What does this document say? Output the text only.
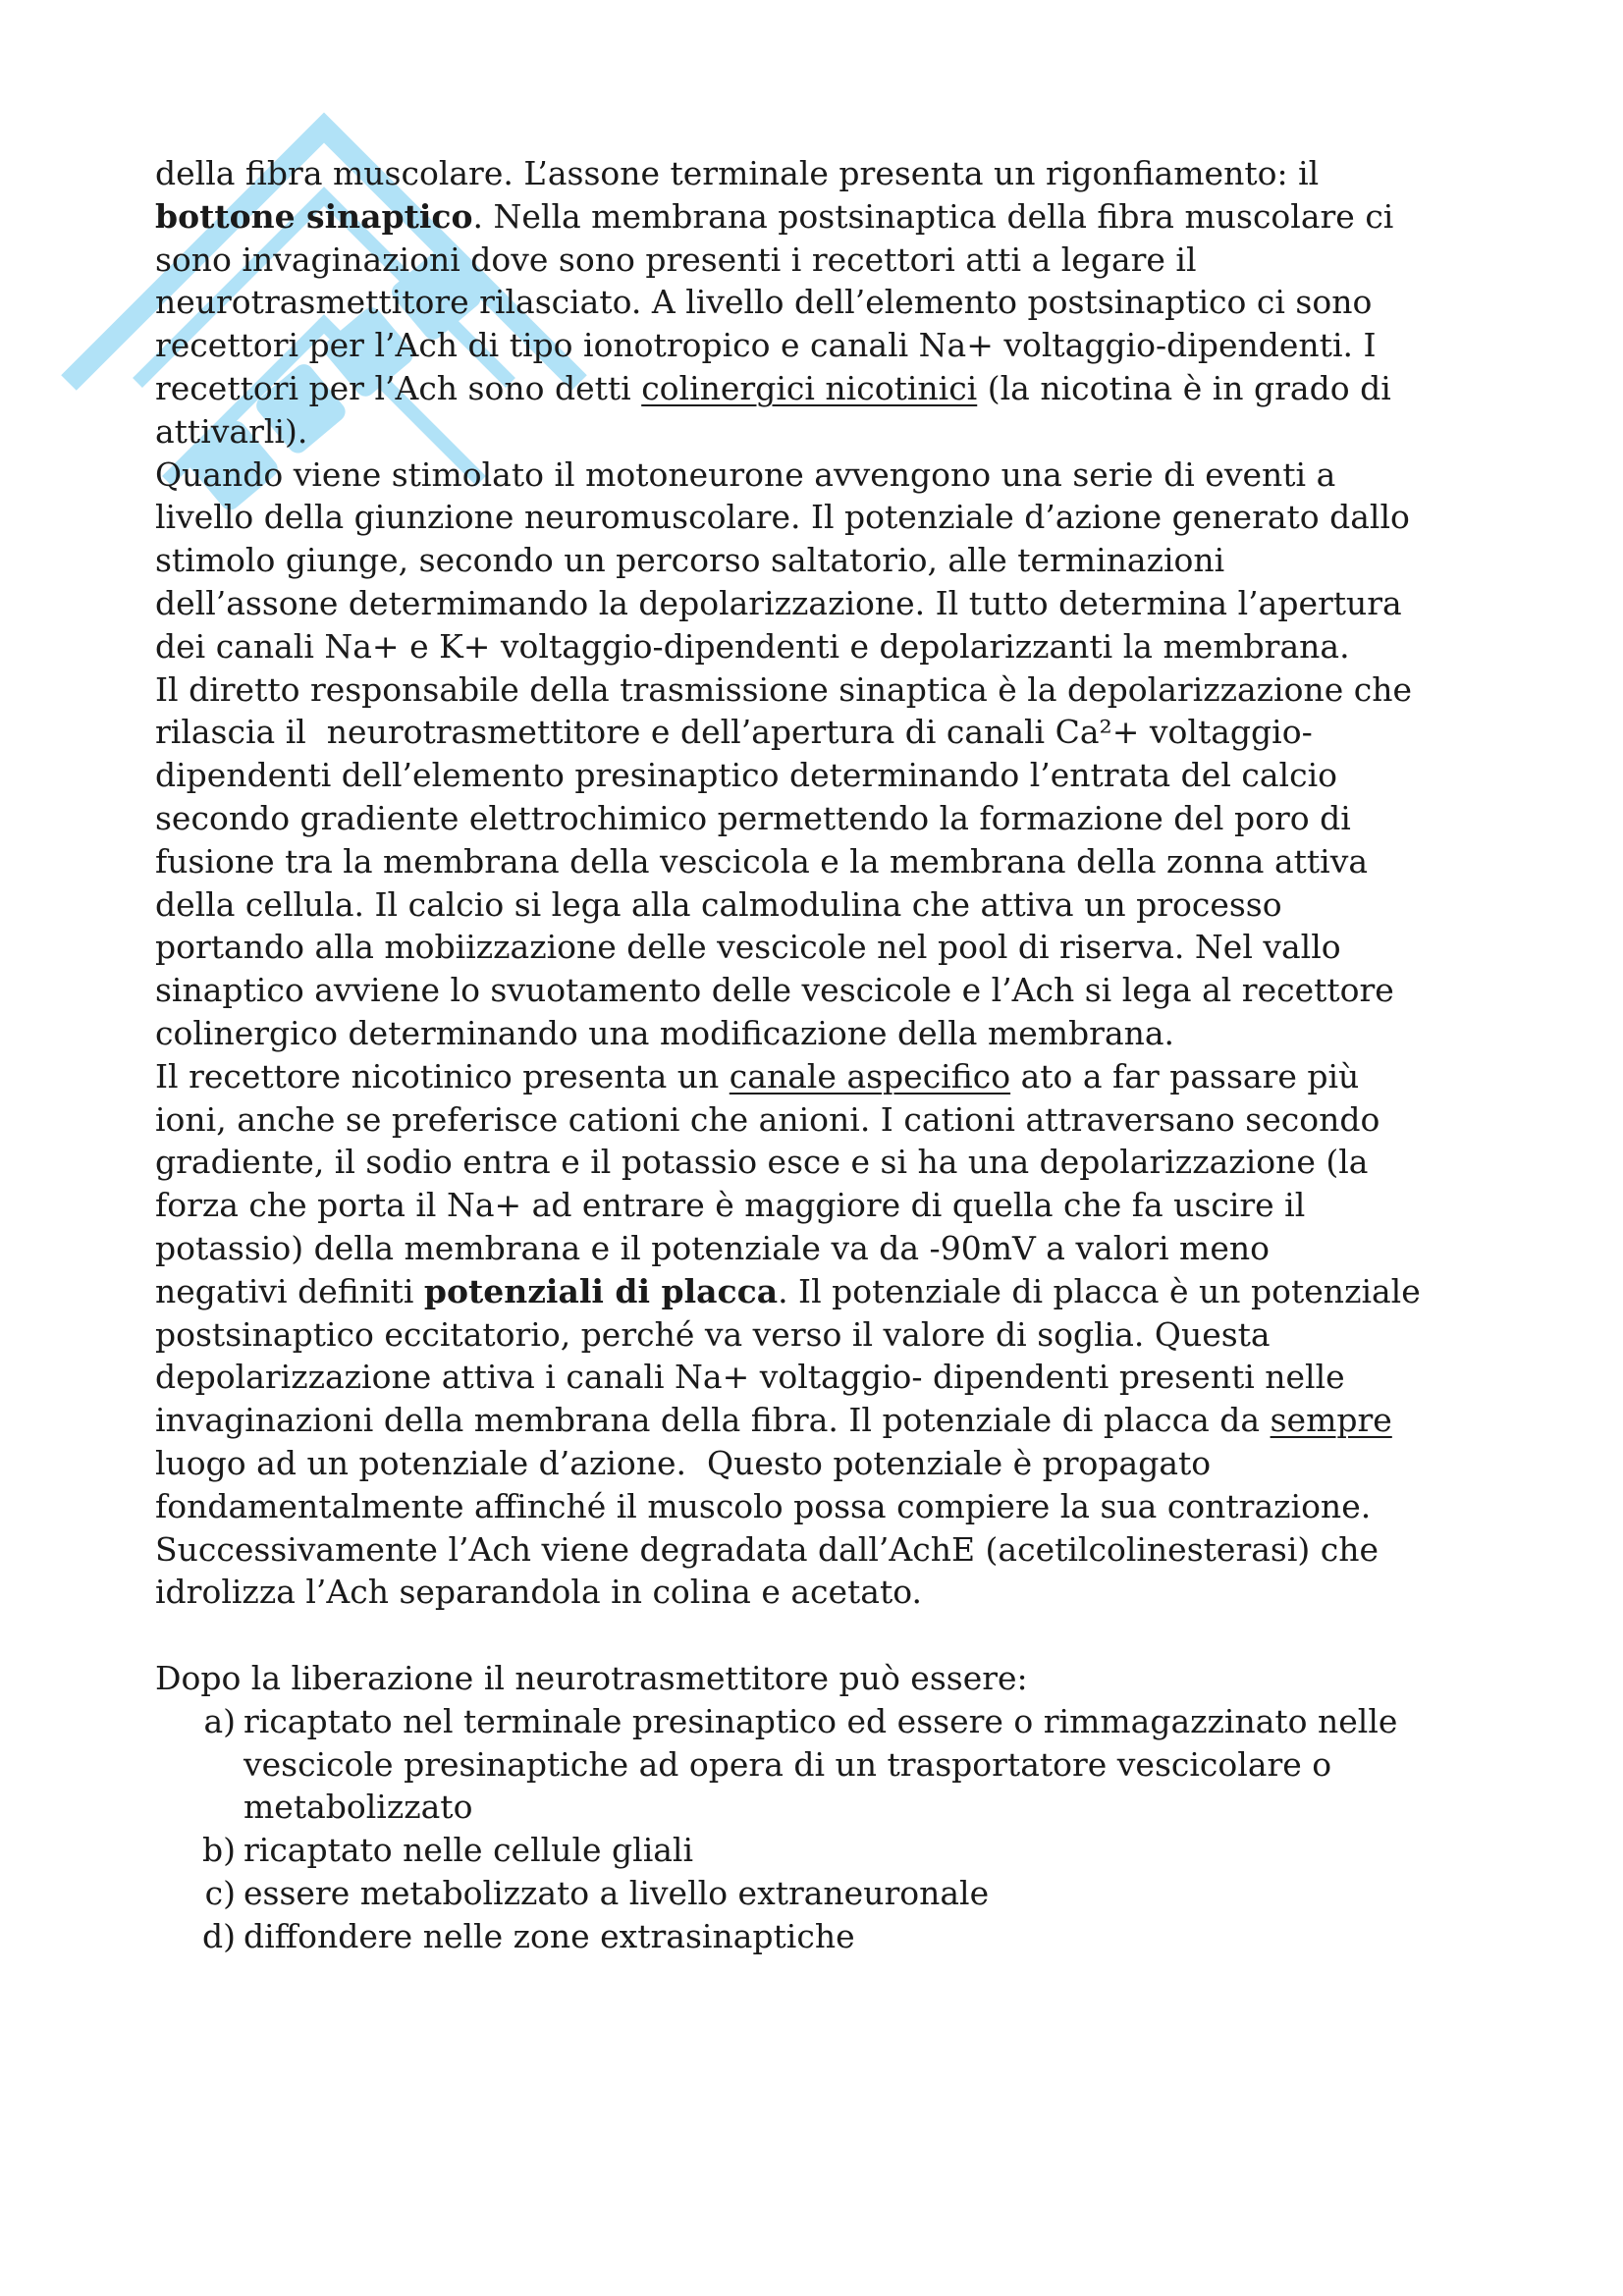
della fibra muscolare. L’assone terminale presenta un rigonfiamento: il
bottone sinaptico. Nella membrana postsinaptica della fibra muscolare ci
sono invaginazioni dove sono presenti i recettori atti a legare il
neurotrasmettitore rilasciato. A livello dell’elemento postsinaptico ci sono
recettori per l’Ach di tipo ionotropico e canali Na+ voltaggio-dipendenti. I
recettori per l’Ach sono detti colinergici nicotinici (la nicotina è in grado di
attivarli).
Quando viene stimolato il motoneurone avvengono una serie di eventi a
livello della giunzione neuromuscolare. Il potenziale d’azione generato dallo
stimolo giunge, secondo un percorso saltatorio, alle terminazioni
dell’assone determimando la depolarizzazione. Il tutto determina l’apertura
dei canali Na+ e K+ voltaggio-dipendenti e depolarizzanti la membrana.
Il diretto responsabile della trasmissione sinaptica è la depolarizzazione che
rilascia il  neurotrasmettitore e dell’apertura di canali Ca²+ voltaggio-
dipendenti dell’elemento presinaptico determinando l’entrata del calcio
secondo gradiente elettrochimico permettendo la formazione del poro di
fusione tra la membrana della vescicola e la membrana della zonna attiva
della cellula. Il calcio si lega alla calmodulina che attiva un processo
portando alla mobiizzazione delle vescicole nel pool di riserva. Nel vallo
sinaptico avviene lo svuotamento delle vescicole e l’Ach si lega al recettore
colinergico determinando una modificazione della membrana.
Il recettore nicotinico presenta un canale aspecifico ato a far passare più
ioni, anche se preferisce cationi che anioni. I cationi attraversano secondo
gradiente, il sodio entra e il potassio esce e si ha una depolarizzazione (la
forza che porta il Na+ ad entrare è maggiore di quella che fa uscire il
potassio) della membrana e il potenziale va da -90mV a valori meno
negativi definiti potenziali di placca. Il potenziale di placca è un potenziale
postsinaptico eccitatorio, perché va verso il valore di soglia. Questa
depolarizzazione attiva i canali Na+ voltaggio- dipendenti presenti nelle
invaginazioni della membrana della fibra. Il potenziale di placca da sempre
luogo ad un potenziale d’azione.  Questo potenziale è propagato
fondamentalmente affinché il muscolo possa compiere la sua contrazione.
Successivamente l’Ach viene degradata dall’AchE (acetilcolinesterasi) che
idrolizza l’Ach separandola in colina e acetato.
Dopo la liberazione il neurotrasmettitore può essere:
a) ricaptato nel terminale presinaptico ed essere o rimmagazzinato nelle
vescicole presinaptiche ad opera di un trasportatore vescicolare o
metabolizzato
b) ricaptato nelle cellule gliali
c) essere metabolizzato a livello extraneuronale
d) diffondere nelle zone extrasinaptiche
